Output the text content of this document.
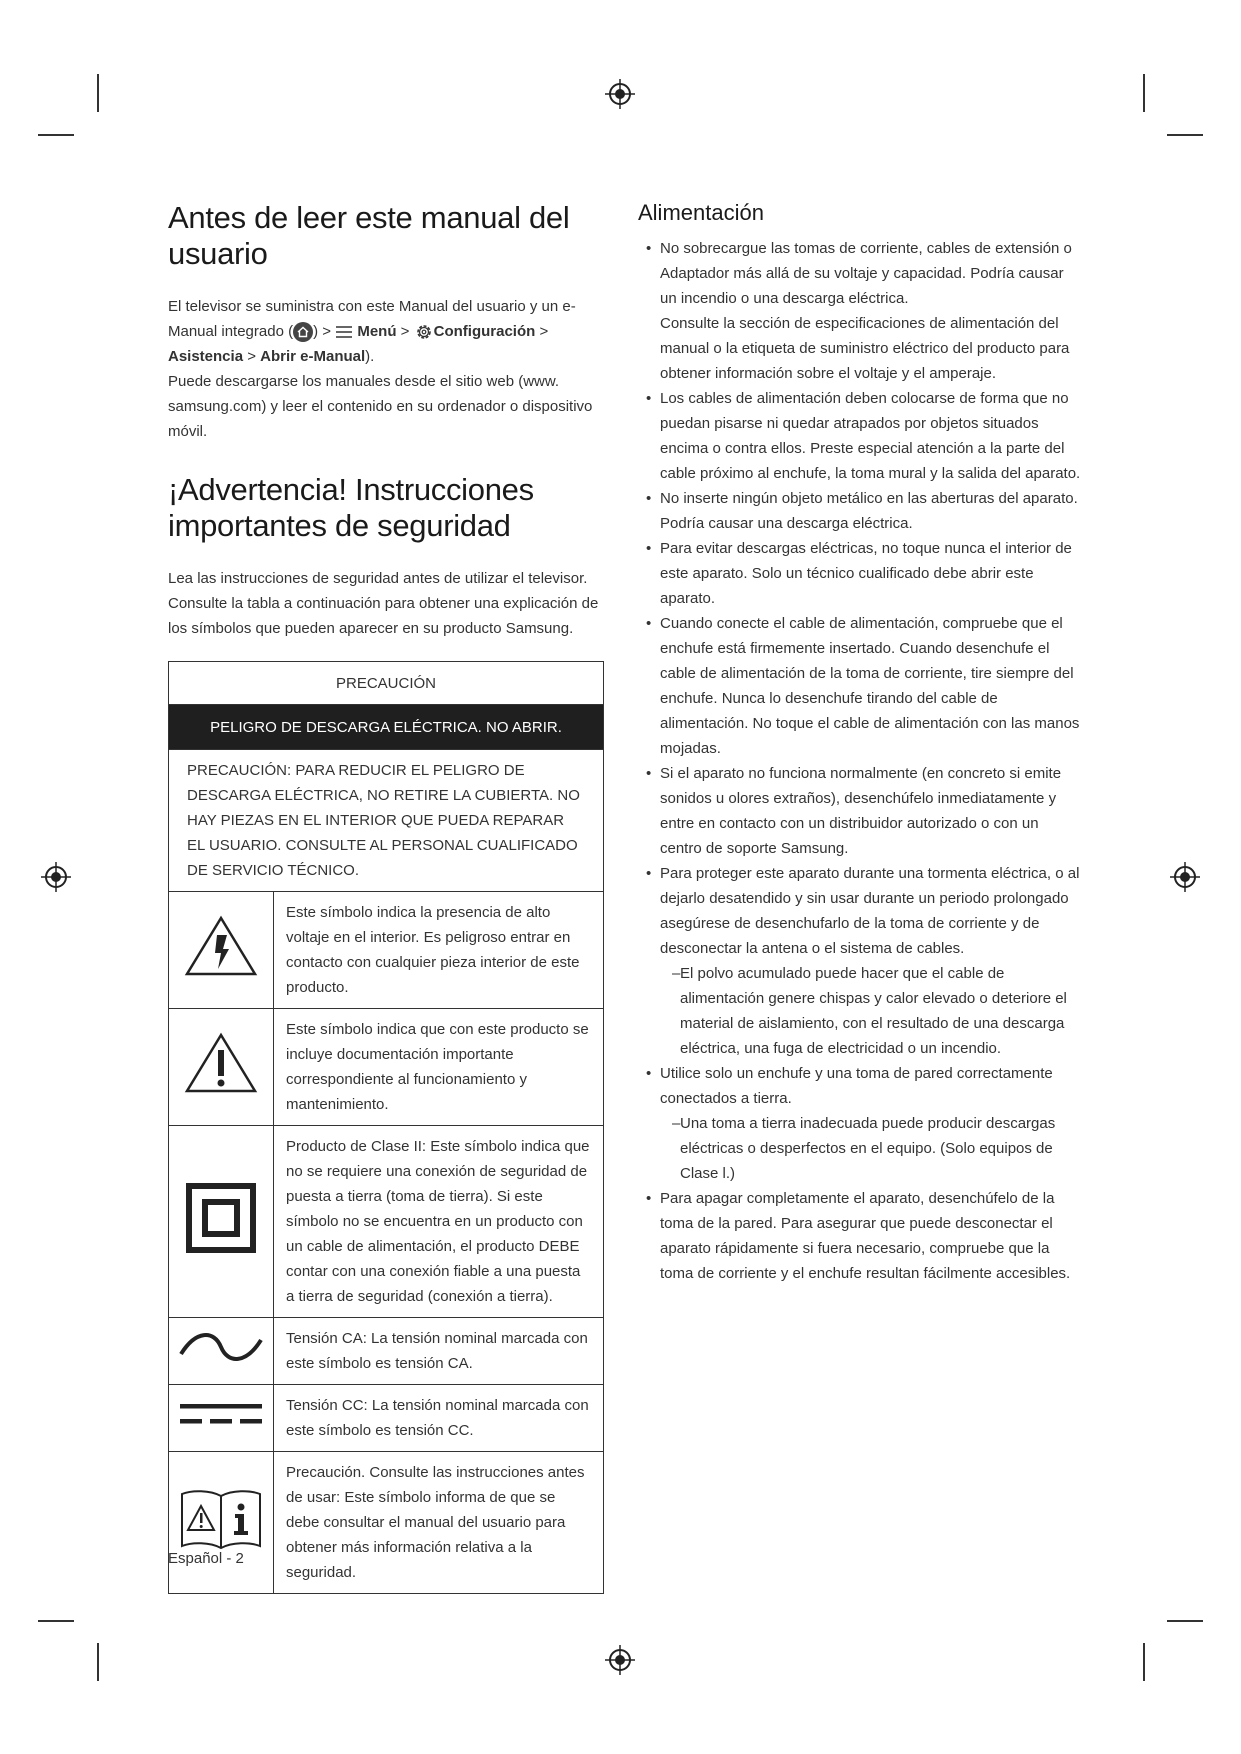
Antes de leer este manual del usuario

El televisor se suministra con este Manual del usuario y un e-Manual integrado ( ) >  Menú > Configuración > Asistencia > Abrir e-Manual).

Puede descargarse los manuales desde el sitio web (www. samsung.com) y leer el contenido en su ordenador o dispositivo móvil.

¡Advertencia! Instrucciones importantes de seguridad

Lea las instrucciones de seguridad antes de utilizar el televisor. Consulte la tabla a continuación para obtener una explicación de los símbolos que pueden aparecer en su producto Samsung.

PRECAUCIÓN	
PELIGRO DE DESCARGA ELÉCTRICA. NO ABRIR.	
PRECAUCIÓN: PARA REDUCIR EL PELIGRO DE DESCARGA ELÉCTRICA, NO RETIRE LA CUBIERTA. NO HAY PIEZAS EN EL INTERIOR QUE PUEDA REPARAR EL USUARIO. CONSULTE AL PERSONAL CUALIFICADO DE SERVICIO TÉCNICO.	
	Este símbolo indica la presencia de alto voltaje en el interior. Es peligroso entrar en contacto con cualquier pieza interior de este producto.
	Este símbolo indica que con este producto se incluye documentación importante correspondiente al funcionamiento y mantenimiento.
	Producto de Clase II: Este símbolo indica que no se requiere una conexión de seguridad de puesta a tierra (toma de tierra). Si este símbolo no se encuentra en un producto con un cable de alimentación, el producto DEBE contar con una conexión fiable a una puesta a tierra de seguridad (conexión a tierra).
	Tensión CA: La tensión nominal marcada con este símbolo es tensión CA.
	Tensión CC: La tensión nominal marcada con este símbolo es tensión CC.
	Precaución. Consulte las instrucciones antes de usar: Este símbolo informa de que se debe consultar el manual del usuario para obtener más información relativa a la seguridad.
Alimentación
• No sobrecargue las tomas de corriente, cables de extensión o Adaptador más allá de su voltaje y capacidad. Podría causar un incendio o una descarga eléctrica.
Consulte la sección de especificaciones de alimentación del manual o la etiqueta de suministro eléctrico del producto para obtener información sobre el voltaje y el amperaje.
• Los cables de alimentación deben colocarse de forma que no puedan pisarse ni quedar atrapados por objetos situados encima o contra ellos. Preste especial atención a la parte del cable próximo al enchufe, la toma mural y la salida del aparato.
• No inserte ningún objeto metálico en las aberturas del aparato. Podría causar una descarga eléctrica.
• Para evitar descargas eléctricas, no toque nunca el interior de este aparato. Solo un técnico cualificado debe abrir este aparato.
• Cuando conecte el cable de alimentación, compruebe que el enchufe está firmemente insertado. Cuando desenchufe el cable de alimentación de la toma de corriente, tire siempre del enchufe. Nunca lo desenchufe tirando del cable de alimentación. No toque el cable de alimentación con las manos mojadas.
• Si el aparato no funciona normalmente (en concreto si emite sonidos u olores extraños), desenchúfelo inmediatamente y entre en contacto con un distribuidor autorizado o con un centro de soporte Samsung.
• Para proteger este aparato durante una tormenta eléctrica, o al dejarlo desatendido y sin usar durante un periodo prolongado asegúrese de desenchufarlo de la toma de corriente y de desconectar la antena o el sistema de cables.
– El polvo acumulado puede hacer que el cable de alimentación genere chispas y calor elevado o deteriore el material de aislamiento, con el resultado de una descarga eléctrica, una fuga de electricidad o un incendio.
• Utilice solo un enchufe y una toma de pared correctamente conectados a tierra.
– Una toma a tierra inadecuada puede producir descargas eléctricas o desperfectos en el equipo. (Solo equipos de Clase l.)
• Para apagar completamente el aparato, desenchúfelo de la toma de la pared. Para asegurar que puede desconectar el aparato rápidamente si fuera necesario, compruebe que la toma de corriente y el enchufe resultan fácilmente accesibles.
Español - 2
